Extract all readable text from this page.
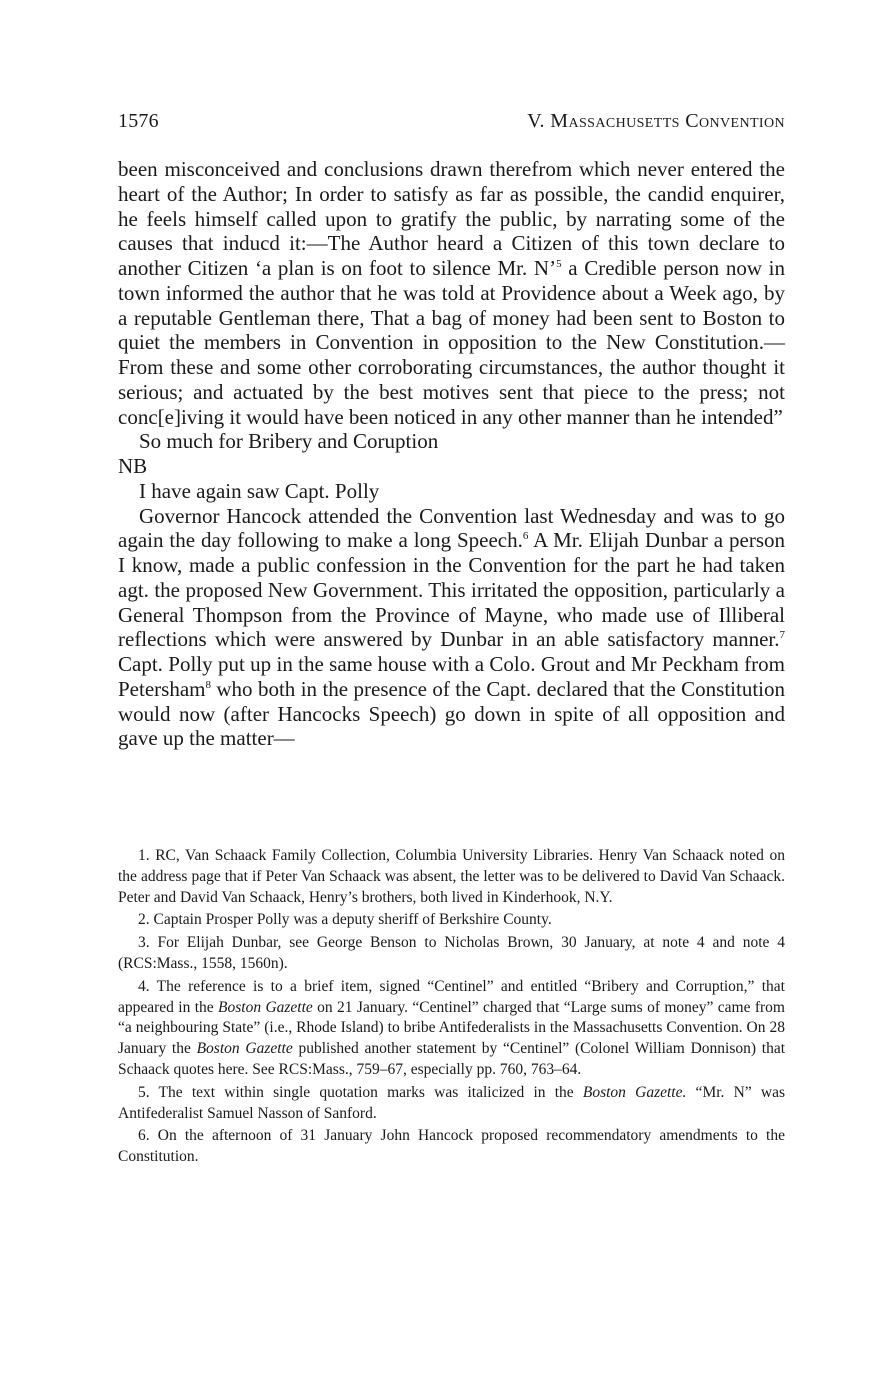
1576	V. Massachusetts Convention

been misconceived and conclusions drawn therefrom which never entered the heart of the Author; In order to satisfy as far as possible, the candid enquirer, he feels himself called upon to gratify the public, by narrating some of the causes that inducd it:—The Author heard a Citizen of this town declare to another Citizen ‘a plan is on foot to silence Mr. N’$^5$ a Credible person now in town informed the author that he was told at Providence about a Week ago, by a reputable Gentleman there, That a bag of money had been sent to Boston to quiet the members in Convention in opposition to the New Constitution.—From these and some other corroborating circumstances, the author thought it serious; and actuated by the best motives sent that piece to the press; not conc[e]iving it would have been noticed in any other manner than he intended”

So much for Bribery and Coruption

NB

I have again saw Capt. Polly

Governor Hancock attended the Convention last Wednesday and was to go again the day following to make a long Speech.$^6$ A Mr. Elijah Dunbar a person I know, made a public confession in the Convention for the part he had taken agt. the proposed New Government. This irritated the opposition, particularly a General Thompson from the Province of Mayne, who made use of Illiberal reflections which were answered by Dunbar in an able satisfactory manner.$^7$ Capt. Polly put up in the same house with a Colo. Grout and Mr Peckham from Petersham$^8$ who both in the presence of the Capt. declared that the Constitution would now (after Hancocks Speech) go down in spite of all opposition and gave up the matter—

1. RC, Van Schaack Family Collection, Columbia University Libraries. Henry Van Schaack noted on the address page that if Peter Van Schaack was absent, the letter was to be delivered to David Van Schaack. Peter and David Van Schaack, Henry’s brothers, both lived in Kinderhook, N.Y.

2. Captain Prosper Polly was a deputy sheriff of Berkshire County.

3. For Elijah Dunbar, see George Benson to Nicholas Brown, 30 January, at note 4 and note 4 (RCS:Mass., 1558, 1560n).

4. The reference is to a brief item, signed “Centinel” and entitled “Bribery and Corruption,” that appeared in the Boston Gazette on 21 January. “Centinel” charged that “Large sums of money” came from “a neighbouring State” (i.e., Rhode Island) to bribe Antifederalists in the Massachusetts Convention. On 28 January the Boston Gazette published another statement by “Centinel” (Colonel William Donnison) that Schaack quotes here. See RCS:Mass., 759–67, especially pp. 760, 763–64.

5. The text within single quotation marks was italicized in the Boston Gazette. “Mr. N” was Antifederalist Samuel Nasson of Sanford.

6. On the afternoon of 31 January John Hancock proposed recommendatory amendments to the Constitution.
